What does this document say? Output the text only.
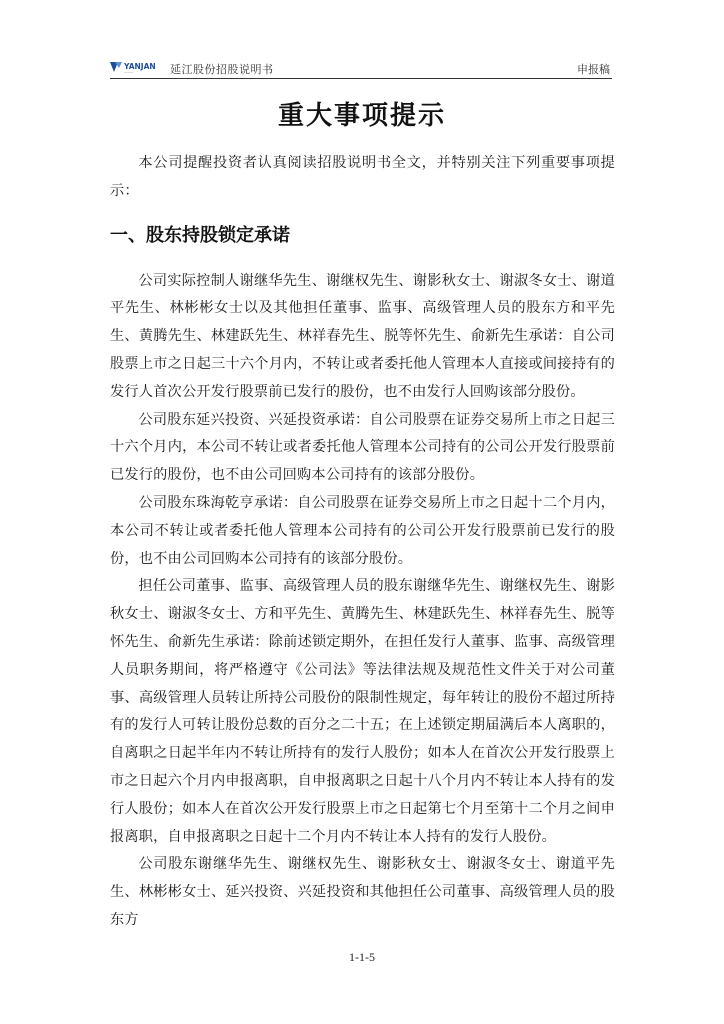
YANJAN
———	延江股份招股说明书	申报稿
重大事项提示

本公司提醒投资者认真阅读招股说明书全文，并特别关注下列重要事项提示：

一、股东持股锁定承诺

公司实际控制人谢继华先生、谢继权先生、谢影秋女士、谢淑冬女士、谢道平先生、林彬彬女士以及其他担任董事、监事、高级管理人员的股东方和平先生、黄腾先生、林建跃先生、林祥春先生、脱等怀先生、俞新先生承诺：自公司股票上市之日起三十六个月内，不转让或者委托他人管理本人直接或间接持有的发行人首次公开发行股票前已发行的股份，也不由发行人回购该部分股份。

公司股东延兴投资、兴延投资承诺：自公司股票在证券交易所上市之日起三十六个月内，本公司不转让或者委托他人管理本公司持有的公司公开发行股票前已发行的股份，也不由公司回购本公司持有的该部分股份。

公司股东珠海乾亨承诺：自公司股票在证券交易所上市之日起十二个月内，本公司不转让或者委托他人管理本公司持有的公司公开发行股票前已发行的股份，也不由公司回购本公司持有的该部分股份。

担任公司董事、监事、高级管理人员的股东谢继华先生、谢继权先生、谢影秋女士、谢淑冬女士、方和平先生、黄腾先生、林建跃先生、林祥春先生、脱等怀先生、俞新先生承诺：除前述锁定期外，在担任发行人董事、监事、高级管理人员职务期间，将严格遵守《公司法》等法律法规及规范性文件关于对公司董事、高级管理人员转让所持公司股份的限制性规定，每年转让的股份不超过所持有的发行人可转让股份总数的百分之二十五；在上述锁定期届满后本人离职的，自离职之日起半年内不转让所持有的发行人股份；如本人在首次公开发行股票上市之日起六个月内申报离职，自申报离职之日起十八个月内不转让本人持有的发行人股份；如本人在首次公开发行股票上市之日起第七个月至第十二个月之间申报离职，自申报离职之日起十二个月内不转让本人持有的发行人股份。

公司股东谢继华先生、谢继权先生、谢影秋女士、谢淑冬女士、谢道平先生、林彬彬女士、延兴投资、兴延投资和其他担任公司董事、高级管理人员的股东方

1-1-5
